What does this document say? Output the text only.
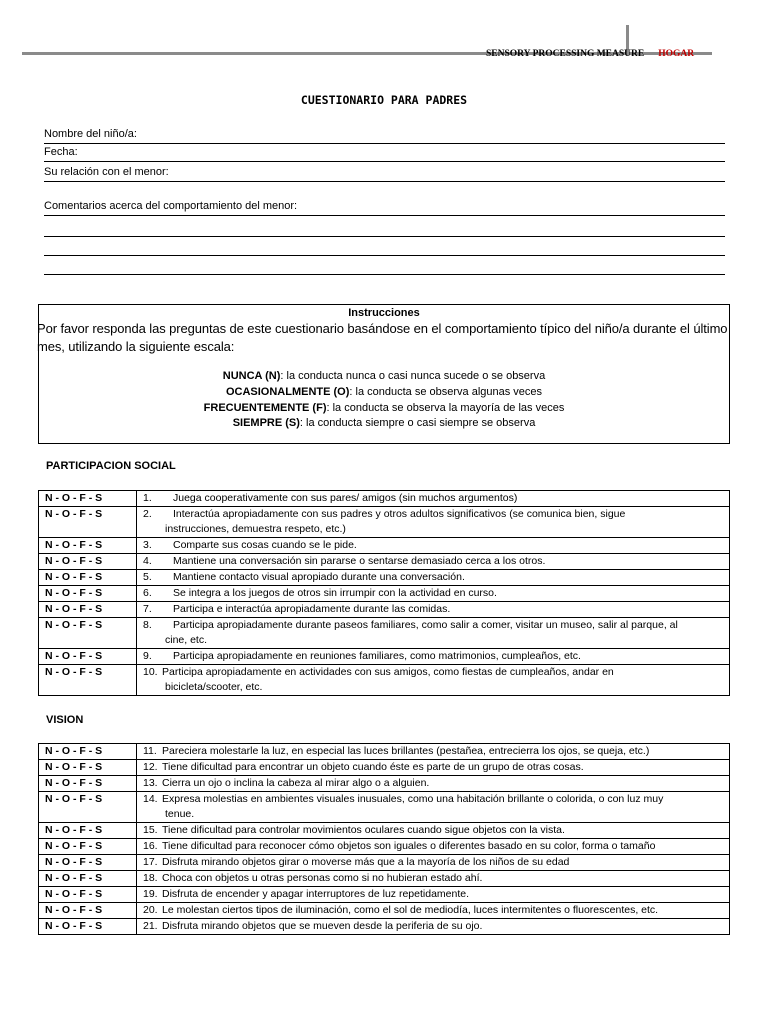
SENSORY PROCESSING MEASURE HOGAR
CUESTIONARIO PARA PADRES
Nombre del niño/a:
Fecha:
Su relación con el menor:
Comentarios acerca del comportamiento del menor:
Instrucciones
Por favor responda las preguntas de este cuestionario basándose en el comportamiento típico del niño/a durante el último mes, utilizando la siguiente escala:
NUNCA (N): la conducta nunca o casi nunca sucede o se observa
OCASIONALMENTE (O): la conducta se observa algunas veces
FRECUENTEMENTE (F): la conducta se observa la mayoría de las veces
SIEMPRE (S): la conducta siempre o casi siempre se observa
PARTICIPACION SOCIAL
N - O - F - S	1. Juega cooperativamente con sus pares/ amigos (sin muchos argumentos)
N - O - F - S	2. Interactúa apropiadamente con sus padres y otros adultos significativos (se comunica bien, sigue
instrucciones, demuestra respeto, etc.)

N - O - F - S	3. Comparte sus cosas cuando se le pide.
N - O - F - S	4. Mantiene una conversación sin pararse o sentarse demasiado cerca a los otros.
N - O - F - S	5. Mantiene contacto visual apropiado durante una conversación.
N - O - F - S	6. Se integra a los juegos de otros sin irrumpir con la actividad en curso.
N - O - F - S	7. Participa e interactúa apropiadamente durante las comidas.
N - O - F - S	8. Participa apropiadamente durante paseos familiares, como salir a comer, visitar un museo, salir al parque, al
cine, etc.

N - O - F - S	9. Participa apropiadamente en reuniones familiares, como matrimonios, cumpleaños, etc.
N - O - F - S	10. Participa apropiadamente en actividades con sus amigos, como fiestas de cumpleaños, andar en
bicicleta/scooter, etc.
VISION
N - O - F - S	11. Pareciera molestarle la luz, en especial las luces brillantes (pestañea, entrecierra los ojos, se queja, etc.)
N - O - F - S	12. Tiene dificultad para encontrar un objeto cuando éste es parte de un grupo de otras cosas.
N - O - F - S	13. Cierra un ojo o inclina la cabeza al mirar algo o a alguien.
N - O - F - S	14. Expresa molestias en ambientes visuales inusuales, como una habitación brillante o colorida, o con luz muy
tenue.

N - O - F - S	15. Tiene dificultad para controlar movimientos oculares cuando sigue objetos con la vista.
N - O - F - S	16. Tiene dificultad para reconocer cómo objetos son iguales o diferentes basado en su color, forma o tamaño
N - O - F - S	17. Disfruta mirando objetos girar o moverse más que a la mayoría de los niños de su edad
N - O - F - S	18. Choca con objetos u otras personas como si no hubieran estado ahí.
N - O - F - S	19. Disfruta de encender y apagar interruptores de luz repetidamente.
N - O - F - S	20. Le molestan ciertos tipos de iluminación, como el sol de mediodía, luces intermitentes o fluorescentes, etc.
N - O - F - S	21. Disfruta mirando objetos que se mueven desde la periferia de su ojo.
